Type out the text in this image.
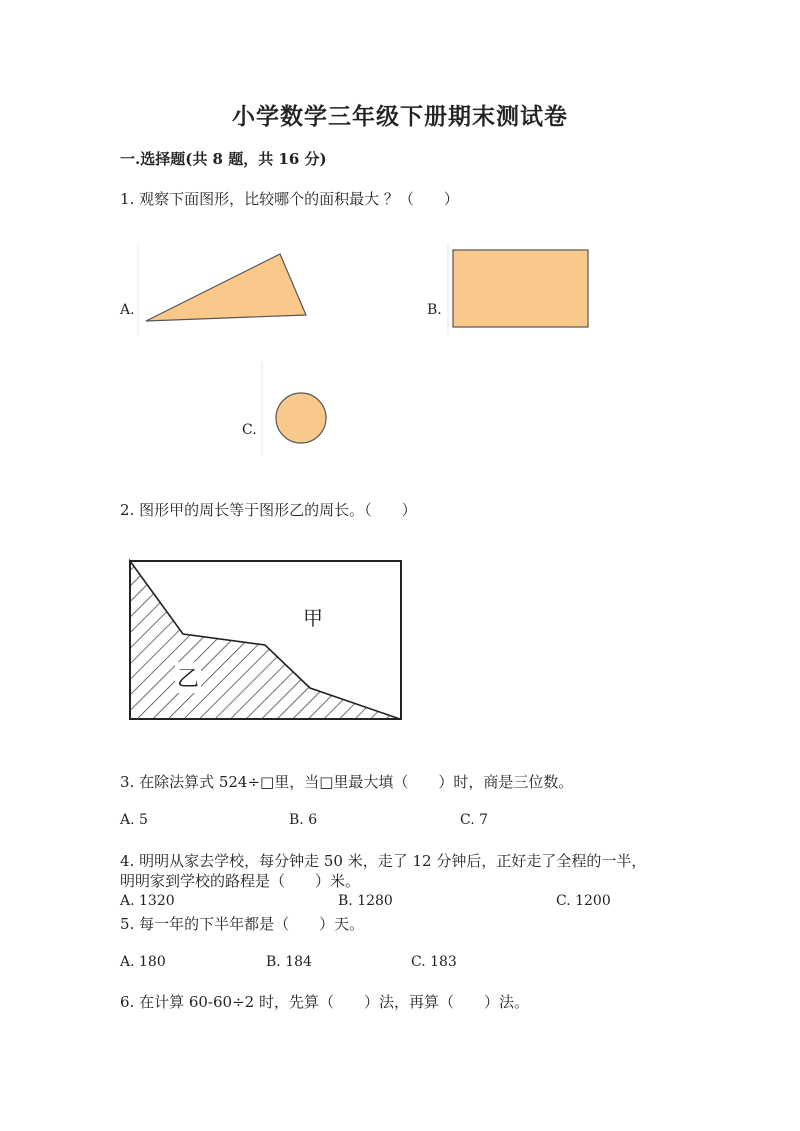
小学数学三年级下册期末测试卷
一.选择题(共 8 题，共 16 分)
1. 观察下面图形，比较哪个的面积最大 ？（　　）
A.	B.
C.
2. 图形甲的周长等于图形乙的周长。（　　）
甲
乙
3. 在除法算式 524÷□里，当□里最大填（　　）时，商是三位数。
A. 5	B. 6	C. 7
4. 明明从家去学校，每分钟走 50 米，走了 12 分钟后，正好走了全程的一半，
明明家到学校的路程是（　　）米。
A. 1320	B. 1280	C. 1200
5. 每一年的下半年都是（　　）天。
A. 180	B. 184	C. 183
6. 在计算 60-60÷2 时，先算（　　）法，再算（　　）法。
